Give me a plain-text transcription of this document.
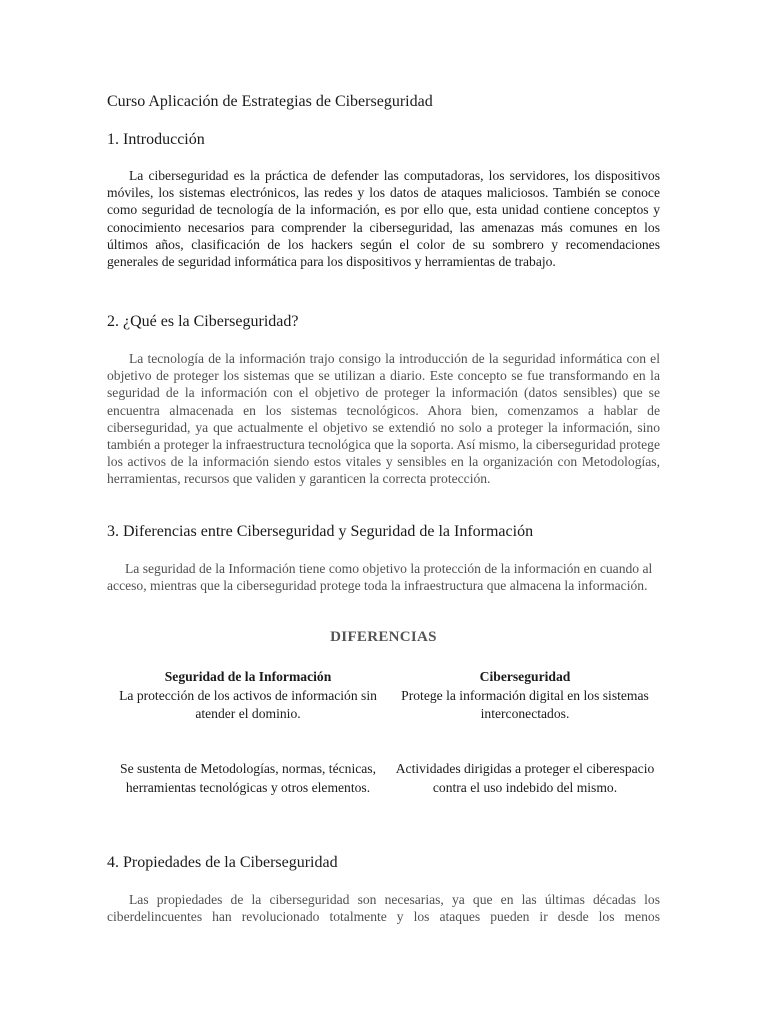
Curso Aplicación de Estrategias de Ciberseguridad
1. Introducción
La ciberseguridad es la práctica de defender las computadoras, los servidores, los dispositivos móviles, los sistemas electrónicos, las redes y los datos de ataques maliciosos. También se conoce como seguridad de tecnología de la información, es por ello que, esta unidad contiene conceptos y conocimiento necesarios para comprender la ciberseguridad, las amenazas más comunes en los últimos años, clasificación de los hackers según el color de su sombrero y recomendaciones generales de seguridad informática para los dispositivos y herramientas de trabajo.
2. ¿Qué es la Ciberseguridad?
La tecnología de la información trajo consigo la introducción de la seguridad informática con el objetivo de proteger los sistemas que se utilizan a diario. Este concepto se fue transformando en la seguridad de la información con el objetivo de proteger la información (datos sensibles) que se encuentra almacenada en los sistemas tecnológicos. Ahora bien, comenzamos a hablar de ciberseguridad, ya que actualmente el objetivo se extendió no solo a proteger la información, sino también a proteger la infraestructura tecnológica que la soporta. Así mismo, la ciberseguridad protege los activos de la información siendo estos vitales y sensibles en la organización con Metodologías, herramientas, recursos que validen y garanticen la correcta protección.
3. Diferencias entre Ciberseguridad y Seguridad de la Información
La seguridad de la Información tiene como objetivo la protección de la información en cuando al acceso, mientras que la ciberseguridad protege toda la infraestructura que almacena la información.
DIFERENCIAS
Seguridad de la Información
La protección de los activos de información sin atender el dominio.
Ciberseguridad
Protege la información digital en los sistemas interconectados.
Se sustenta de Metodologías, normas, técnicas, herramientas tecnológicas y otros elementos.
Actividades dirigidas a proteger el ciberespacio contra el uso indebido del mismo.
4. Propiedades de la Ciberseguridad
Las propiedades de la ciberseguridad son necesarias, ya que en las últimas décadas los ciberdelincuentes han revolucionado totalmente y los ataques pueden ir desde los menos
